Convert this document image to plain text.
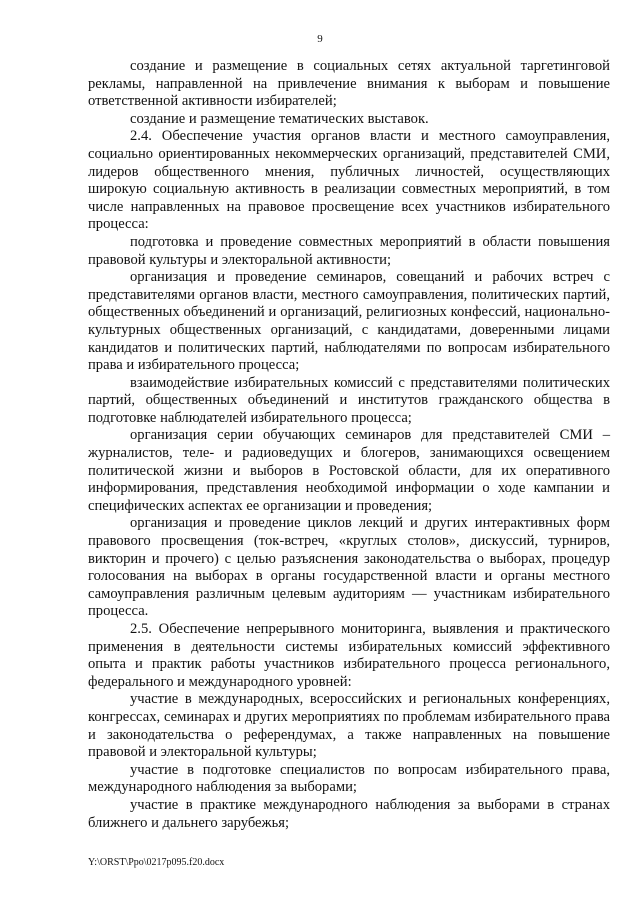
9

создание и размещение в социальных сетях актуальной таргетинговой рекламы, направленной на привлечение внимания к выборам и повышение ответственной активности избирателей;

создание и размещение тематических выставок.

2.4. Обеспечение участия органов власти и местного самоуправления, социально ориентированных некоммерческих организаций, представителей СМИ, лидеров общественного мнения, публичных личностей, осуществляющих широкую социальную активность в реализации совместных мероприятий, в том числе направленных на правовое просвещение всех участников избирательного процесса:

подготовка и проведение совместных мероприятий в области повышения правовой культуры и электоральной активности;

организация и проведение семинаров, совещаний и рабочих встреч с представителями органов власти, местного самоуправления, политических партий, общественных объединений и организаций, религиозных конфессий, национально-культурных общественных организаций, с кандидатами, доверенными лицами кандидатов и политических партий, наблюдателями по вопросам избирательного права и избирательного процесса;

взаимодействие избирательных комиссий с представителями политических партий, общественных объединений и институтов гражданского общества в подготовке наблюдателей избирательного процесса;

организация серии обучающих семинаров для представителей СМИ – журналистов, теле- и радиоведущих и блогеров, занимающихся освещением политической жизни и выборов в Ростовской области, для их оперативного информирования, представления необходимой информации о ходе кампании и специфических аспектах ее организации и проведения;

организация и проведение циклов лекций и других интерактивных форм правового просвещения (ток-встреч, «круглых столов», дискуссий, турниров, викторин и прочего) с целью разъяснения законодательства о выборах, процедур голосования на выборах в органы государственной власти и органы местного самоуправления различным целевым аудиториям — участникам избирательного процесса.

2.5. Обеспечение непрерывного мониторинга, выявления и практического применения в деятельности системы избирательных комиссий эффективного опыта и практик работы участников избирательного процесса регионального, федерального и международного уровней:

участие в международных, всероссийских и региональных конференциях, конгрессах, семинарах и других мероприятиях по проблемам избирательного права и законодательства о референдумах, а также направленных на повышение правовой и электоральной культуры;

участие в подготовке специалистов по вопросам избирательного права, международного наблюдения за выборами;

участие в практике международного наблюдения за выборами в странах ближнего и дальнего зарубежья;

Y:\ORST\Ppo\0217p095.f20.docx
